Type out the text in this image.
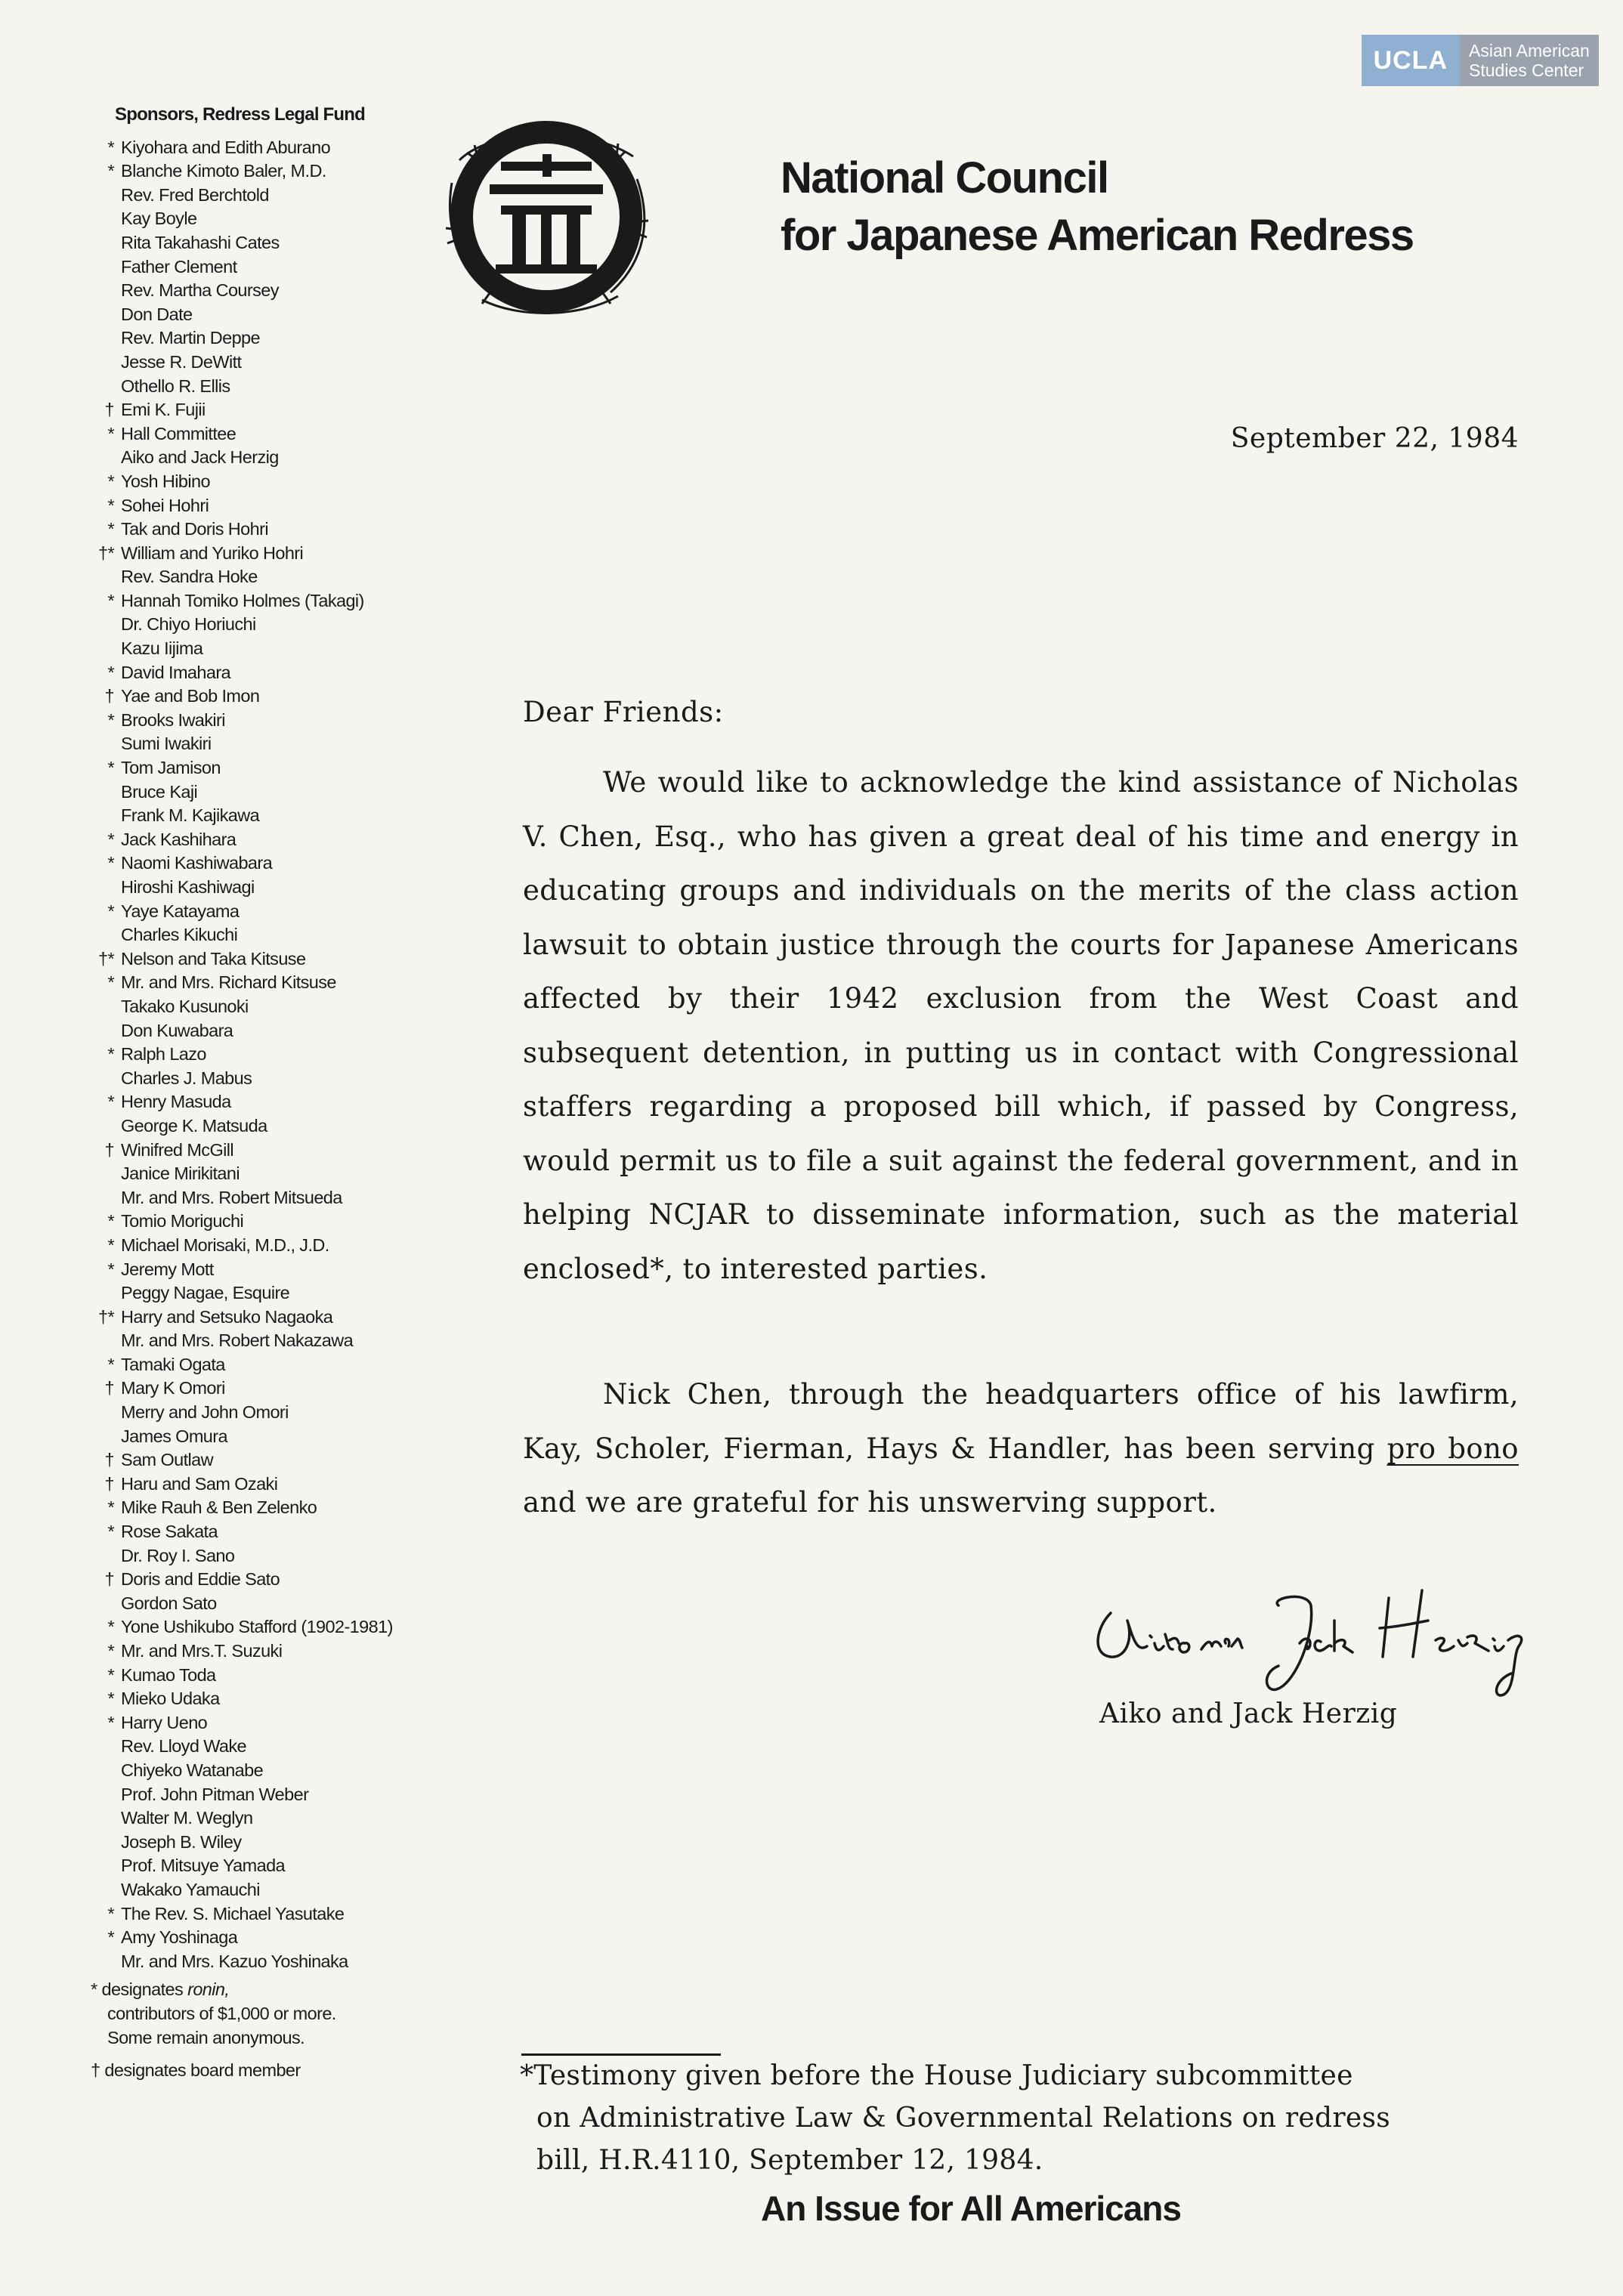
UCLA	Asian American
Studies Center
Sponsors, Redress Legal Fund
* Kiyohara and Edith Aburano
* Blanche Kimoto Baler, M.D.
Rev. Fred Berchtold
Kay Boyle
Rita Takahashi Cates
Father Clement
Rev. Martha Coursey
Don Date
Rev. Martin Deppe
Jesse R. DeWitt
Othello R. Ellis
† Emi K. Fujii
* Hall Committee
Aiko and Jack Herzig
* Yosh Hibino
* Sohei Hohri
* Tak and Doris Hohri
†* William and Yuriko Hohri
Rev. Sandra Hoke
* Hannah Tomiko Holmes (Takagi)
Dr. Chiyo Horiuchi
Kazu Iijima
* David Imahara
† Yae and Bob Imon
* Brooks Iwakiri
Sumi Iwakiri
* Tom Jamison
Bruce Kaji
Frank M. Kajikawa
* Jack Kashihara
* Naomi Kashiwabara
Hiroshi Kashiwagi
* Yaye Katayama
Charles Kikuchi
†* Nelson and Taka Kitsuse
* Mr. and Mrs. Richard Kitsuse
Takako Kusunoki
Don Kuwabara
* Ralph Lazo
Charles J. Mabus
* Henry Masuda
George K. Matsuda
† Winifred McGill
Janice Mirikitani
Mr. and Mrs. Robert Mitsueda
* Tomio Moriguchi
* Michael Morisaki, M.D., J.D.
* Jeremy Mott
Peggy Nagae, Esquire
†* Harry and Setsuko Nagaoka
Mr. and Mrs. Robert Nakazawa
* Tamaki Ogata
† Mary K Omori
Merry and John Omori
James Omura
† Sam Outlaw
† Haru and Sam Ozaki
* Mike Rauh & Ben Zelenko
* Rose Sakata
Dr. Roy I. Sano
† Doris and Eddie Sato
Gordon Sato
* Yone Ushikubo Stafford (1902-1981)
* Mr. and Mrs.T. Suzuki
* Kumao Toda
* Mieko Udaka
* Harry Ueno
Rev. Lloyd Wake
Chiyeko Watanabe
Prof. John Pitman Weber
Walter M. Weglyn
Joseph B. Wiley
Prof. Mitsuye Yamada
Wakako Yamauchi
* The Rev. S. Michael Yasutake
* Amy Yoshinaga
Mr. and Mrs. Kazuo Yoshinaka
* designates ronin,
contributors of $1,000 or more.
Some remain anonymous.
† designates board member
National Council
for Japanese American Redress
September 22, 1984
Dear Friends:

We would like to acknowledge the kind assistance of Nicholas V. Chen, Esq., who has given a great deal of his time and energy in educating groups and individuals on the merits of the class action lawsuit to obtain justice through the courts for Japanese Americans affected by their 1942 exclusion from the West Coast and subsequent detention, in putting us in contact with Congressional staffers regarding a proposed bill which, if passed by Congress, would permit us to file a suit against the federal government, and in helping NCJAR to disseminate information, such as the material enclosed*, to interested parties.

Nick Chen, through the headquarters office of his lawfirm, Kay, Scholer, Fierman, Hays & Handler, has been serving pro bono and we are grateful for his unswerving support.

Aiko and Jack Herzig
*Testimony given before the House Judiciary subcommittee
on Administrative Law & Governmental Relations on redress
bill, H.R.4110, September 12, 1984.
An Issue for All Americans
